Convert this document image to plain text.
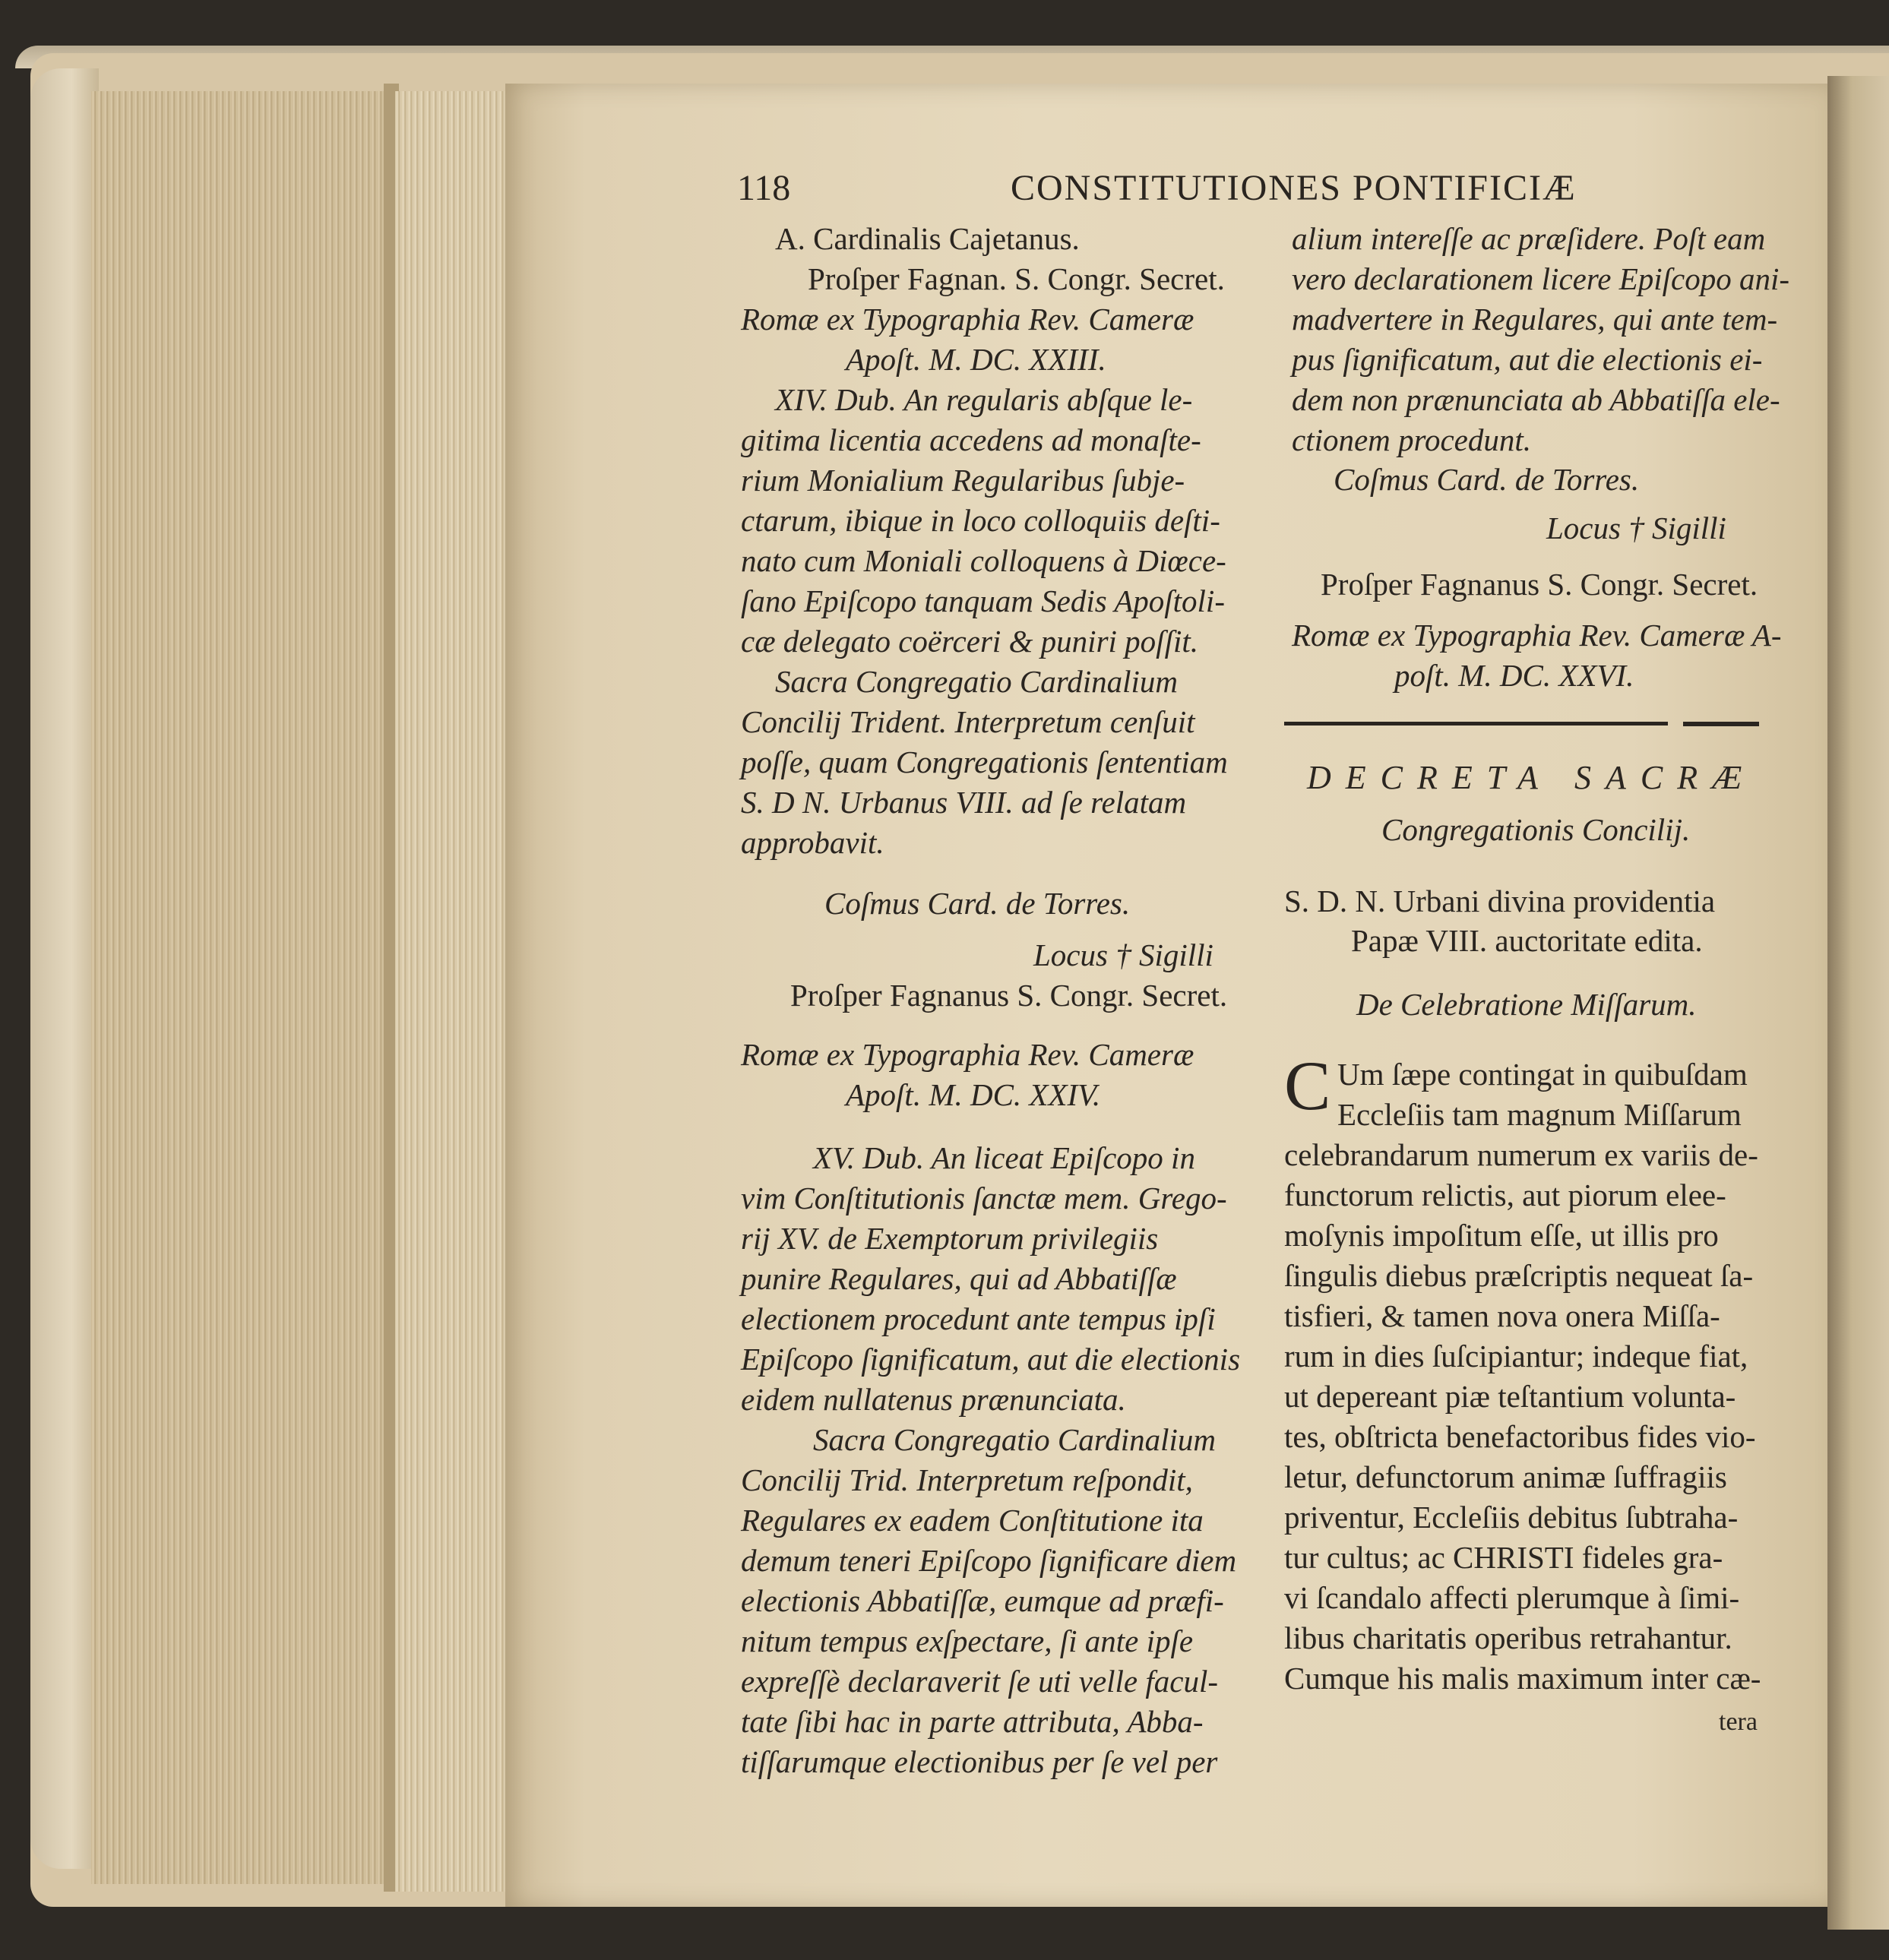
118	CONSTITUTIONES PONTIFICIÆ
A. Cardinalis Cajetanus.
Proſper Fagnan. S. Congr. Secret.
Romæ ex Typographia Rev. Cameræ
Apoſt. M. DC. XXIII.
XIV. Dub. An regularis abſque le-
gitima licentia accedens ad monaſte-
rium Monialium Regularibus ſubje-
ctarum, ibique in loco colloquiis deſti-
nato cum Moniali colloquens à Diœce-
ſano Epiſcopo tanquam Sedis Apoſtoli-
cæ delegato coërceri & puniri poſſit.
Sacra Congregatio Cardinalium
Concilij Trident. Interpretum cenſuit
poſſe, quam Congregationis ſententiam
S. D N. Urbanus VIII. ad ſe relatam
approbavit.
Coſmus Card. de Torres.
Locus † Sigilli
Proſper Fagnanus S. Congr. Secret.
Romæ ex Typographia Rev. Cameræ
Apoſt. M. DC. XXIV.
XV. Dub. An liceat Epiſcopo in
vim Conſtitutionis ſanctæ mem. Grego-
rij XV. de Exemptorum privilegiis
punire Regulares, qui ad Abbatiſſæ
electionem procedunt ante tempus ipſi
Epiſcopo ſignificatum, aut die electionis
eidem nullatenus prænunciata.
Sacra Congregatio Cardinalium
Concilij Trid. Interpretum reſpondit,
Regulares ex eadem Conſtitutione ita
demum teneri Epiſcopo ſignificare diem
electionis Abbatiſſæ, eumque ad præfi-
nitum tempus exſpectare, ſi ante ipſe
expreſſè declaraverit ſe uti velle facul-
tate ſibi hac in parte attributa, Abba-
tiſſarumque electionibus per ſe vel per
alium intereſſe ac præſidere. Poſt eam
vero declarationem licere Epiſcopo ani-
madvertere in Regulares, qui ante tem-
pus ſignificatum, aut die electionis ei-
dem non prænunciata ab Abbatiſſa ele-
ctionem procedunt.
Coſmus Card. de Torres.
Locus † Sigilli
Proſper Fagnanus S. Congr. Secret.
Romæ ex Typographia Rev. Cameræ A-
poſt. M. DC. XXVI.
DECRETA SACRÆ
Congregationis Concilij.
S. D. N. Urbani divina providentia
Papæ VIII. auctoritate edita.
De Celebratione Miſſarum.
C Um ſæpe contingat in quibuſdam
Eccleſiis tam magnum Miſſarum
celebrandarum numerum ex variis de-
functorum relictis, aut piorum elee-
moſynis impoſitum eſſe, ut illis pro
ſingulis diebus præſcriptis nequeat ſa-
tisfieri, & tamen nova onera Miſſa-
rum in dies ſuſcipiantur; indeque fiat,
ut depereant piæ teſtantium volunta-
tes, obſtricta benefactoribus fides vio-
letur, defunctorum animæ ſuffragiis
priventur, Eccleſiis debitus ſubtraha-
tur cultus; ac CHRISTI fideles gra-
vi ſcandalo affecti plerumque à ſimi-
libus charitatis operibus retrahantur.
Cumque his malis maximum inter cæ-
tera
